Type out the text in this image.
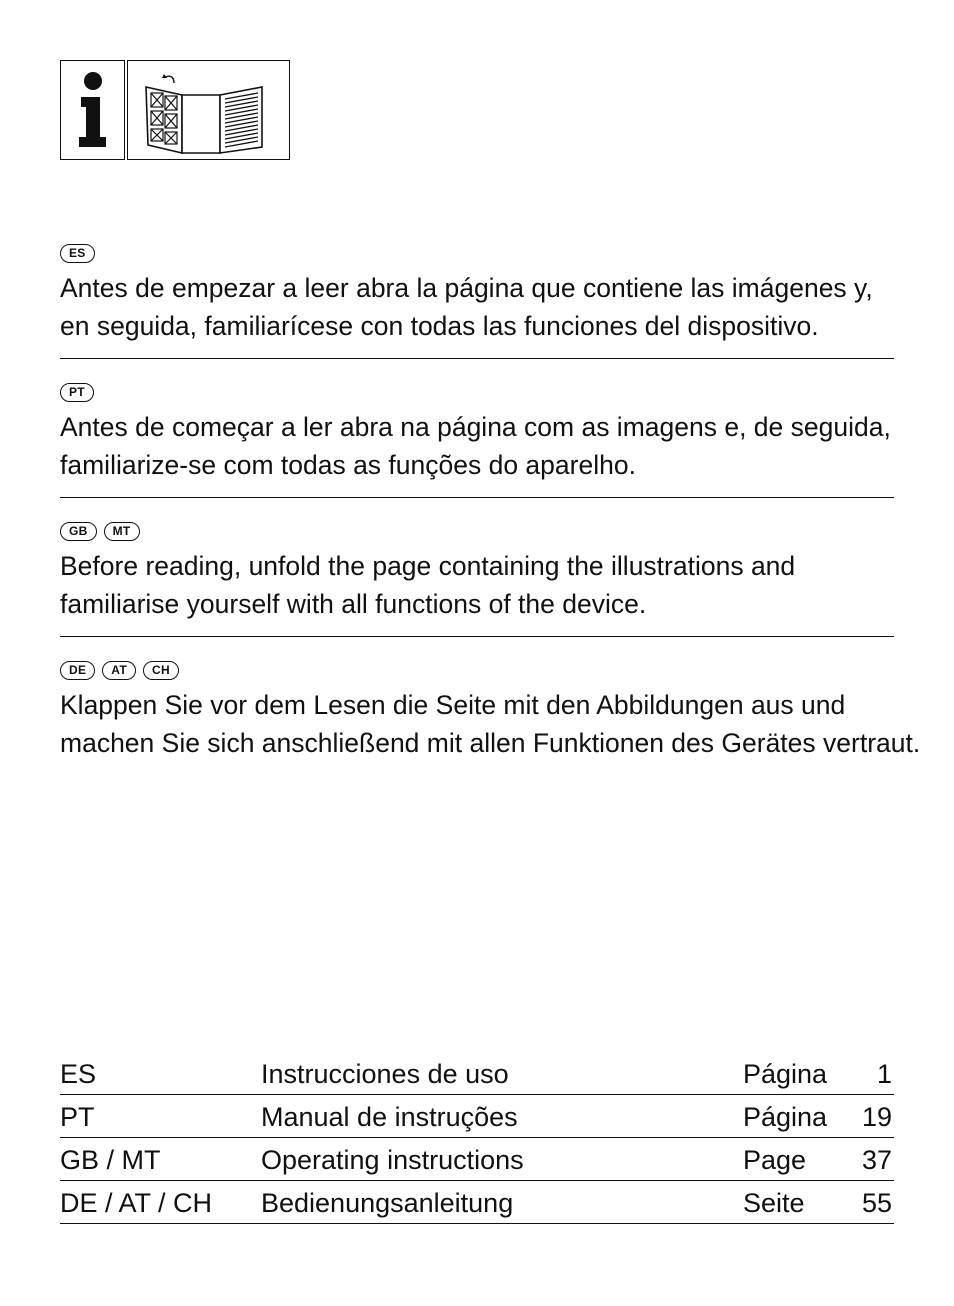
ES
Antes de empezar a leer abra la página que contiene las imágenes y,
en seguida, familiarícese con todas las funciones del dispositivo.
PT
Antes de começar a ler abra na página com as imagens e, de seguida,
familiarize-se com todas as funções do aparelho.
GB	MT
Before reading, unfold the page containing the illustrations and
familiarise yourself with all functions of the device.
DE	AT	CH
Klappen Sie vor dem Lesen die Seite mit den Abbildungen aus und
machen Sie sich anschließend mit allen Funktionen des Gerätes vertraut.
ES	Instrucciones de uso	Página 1
PT	Manual de instruções	Página 19
GB / MT	Operating instructions	Page 37
DE / AT / CH Bedienungsanleitung	Seite 55
